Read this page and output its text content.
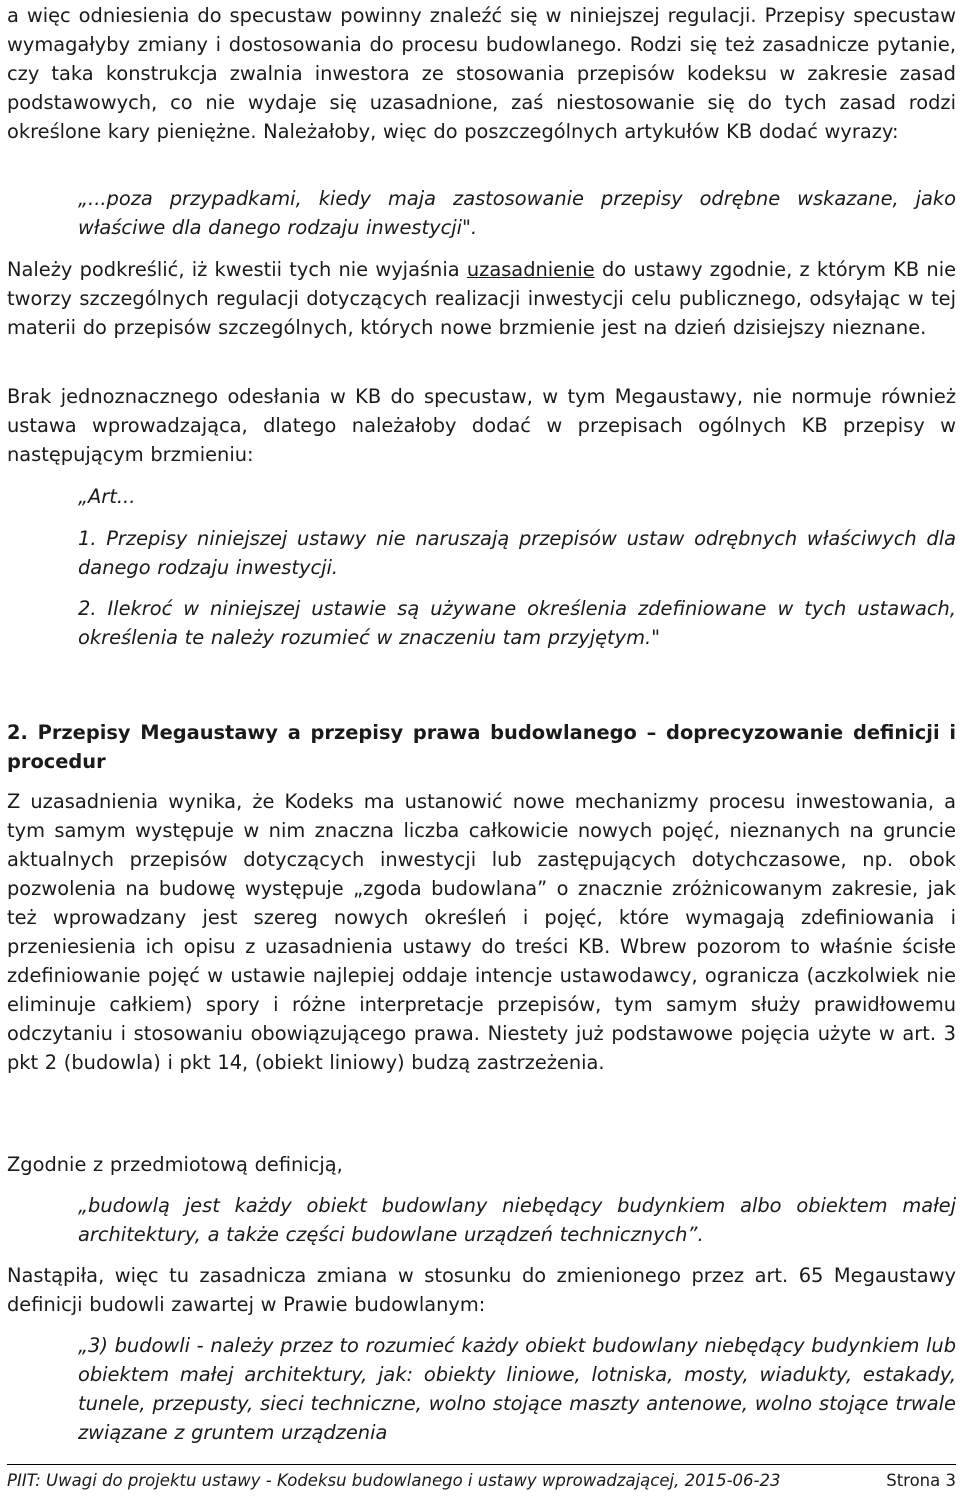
a więc odniesienia do specustaw powinny znaleźć się w niniejszej regulacji. Przepisy specustaw wymagałyby zmiany i dostosowania do procesu budowlanego. Rodzi się też zasadnicze pytanie, czy taka konstrukcja zwalnia inwestora ze stosowania przepisów kodeksu w zakresie zasad podstawowych, co nie wydaje się uzasadnione, zaś niestosowanie się do tych zasad rodzi określone kary pieniężne. Należałoby, więc do poszczególnych artykułów KB dodać wyrazy:

„...poza przypadkami, kiedy maja zastosowanie przepisy odrębne wskazane, jako właściwe dla danego rodzaju inwestycji".

Należy podkreślić, iż kwestii tych nie wyjaśnia uzasadnienie do ustawy zgodnie, z którym KB nie tworzy szczególnych regulacji dotyczących realizacji inwestycji celu publicznego, odsyłając w tej materii do przepisów szczególnych, których nowe brzmienie jest na dzień dzisiejszy nieznane.

Brak jednoznacznego odesłania w KB do specustaw, w tym Megaustawy, nie normuje również ustawa wprowadzająca, dlatego należałoby dodać w przepisach ogólnych KB przepisy w następującym brzmieniu:

„Art...

1. Przepisy niniejszej ustawy nie naruszają przepisów ustaw odrębnych właściwych dla danego rodzaju inwestycji.

2. Ilekroć w niniejszej ustawie są używane określenia zdefiniowane w tych ustawach, określenia te należy rozumieć w znaczeniu tam przyjętym."

2. Przepisy Megaustawy a przepisy prawa budowlanego – doprecyzowanie definicji i procedur

Z uzasadnienia wynika, że Kodeks ma ustanowić nowe mechanizmy procesu inwestowania, a tym samym występuje w nim znaczna liczba całkowicie nowych pojęć, nieznanych na gruncie aktualnych przepisów dotyczących inwestycji lub zastępujących dotychczasowe, np. obok pozwolenia na budowę występuje „zgoda budowlana” o znacznie zróżnicowanym zakresie, jak też wprowadzany jest szereg nowych określeń i pojęć, które wymagają zdefiniowania i przeniesienia ich opisu z uzasadnienia ustawy do treści KB. Wbrew pozorom to właśnie ścisłe zdefiniowanie pojęć w ustawie najlepiej oddaje intencje ustawodawcy, ogranicza (aczkolwiek nie eliminuje całkiem) spory i różne interpretacje przepisów, tym samym służy prawidłowemu odczytaniu i stosowaniu obowiązującego prawa. Niestety już podstawowe pojęcia użyte w art. 3 pkt 2 (budowla) i pkt 14, (obiekt liniowy) budzą zastrzeżenia.

Zgodnie z przedmiotową definicją,

„budowlą jest każdy obiekt budowlany niebędący budynkiem albo obiektem małej architektury, a także części budowlane urządzeń technicznych”.

Nastąpiła, więc tu zasadnicza zmiana w stosunku do zmienionego przez art. 65 Megaustawy definicji budowli zawartej w Prawie budowlanym:

„3) budowli - należy przez to rozumieć każdy obiekt budowlany niebędący budynkiem lub obiektem małej architektury, jak: obiekty liniowe, lotniska, mosty, wiadukty, estakady, tunele, przepusty, sieci techniczne, wolno stojące maszty antenowe, wolno stojące trwale związane z gruntem urządzenia

PIIT: Uwagi do projektu ustawy - Kodeksu budowlanego i ustawy wprowadzającej, 2015-06-23	Strona 3
